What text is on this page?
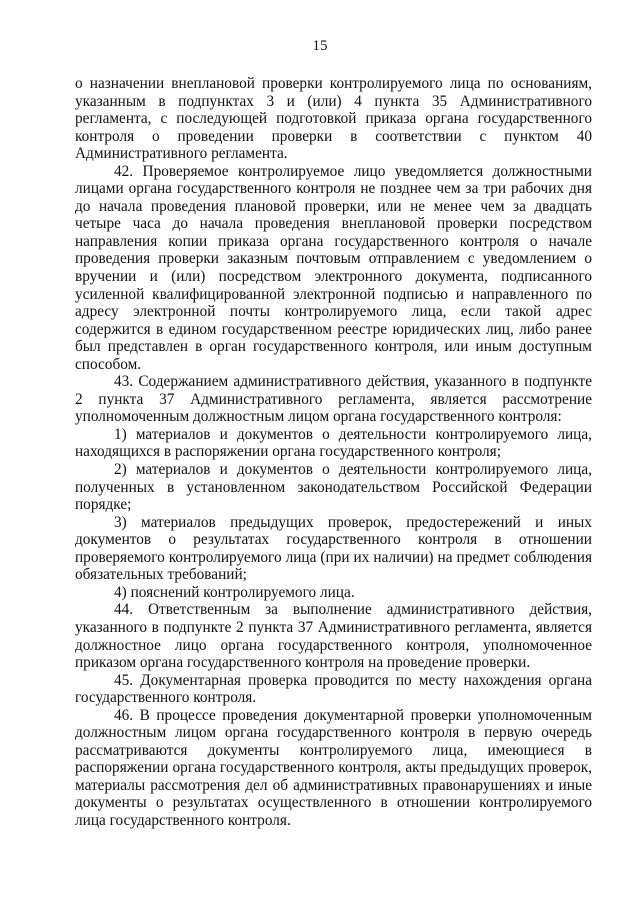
15

о назначении внеплановой проверки контролируемого лица по основаниям, указанным в подпунктах 3 и (или) 4 пункта 35 Административного регламента, с последующей подготовкой приказа органа государственного контроля о проведении проверки в соответствии с пунктом 40 Административного регламента.

42. Проверяемое контролируемое лицо уведомляется должностными лицами органа государственного контроля не позднее чем за три рабочих дня до начала проведения плановой проверки, или не менее чем за двадцать четыре часа до начала проведения внеплановой проверки посредством направления копии приказа органа государственного контроля о начале проведения проверки заказным почтовым отправлением с уведомлением о вручении и (или) посредством электронного документа, подписанного усиленной квалифицированной электронной подписью и направленного по адресу электронной почты контролируемого лица, если такой адрес содержится в едином государственном реестре юридических лиц, либо ранее был представлен в орган государственного контроля, или иным доступным способом.

43. Содержанием административного действия, указанного в подпункте 2 пункта 37 Административного регламента, является рассмотрение уполномоченным должностным лицом органа государственного контроля:

1) материалов и документов о деятельности контролируемого лица, находящихся в распоряжении органа государственного контроля;

2) материалов и документов о деятельности контролируемого лица, полученных в установленном законодательством Российской Федерации порядке;

3) материалов предыдущих проверок, предостережений и иных документов о результатах государственного контроля в отношении проверяемого контролируемого лица (при их наличии) на предмет соблюдения обязательных требований;

4) пояснений контролируемого лица.

44. Ответственным за выполнение административного действия, указанного в подпункте 2 пункта 37 Административного регламента, является должностное лицо органа государственного контроля, уполномоченное приказом органа государственного контроля на проведение проверки.

45. Документарная проверка проводится по месту нахождения органа государственного контроля.

46. В процессе проведения документарной проверки уполномоченным должностным лицом органа государственного контроля в первую очередь рассматриваются документы контролируемого лица, имеющиеся в распоряжении органа государственного контроля, акты предыдущих проверок, материалы рассмотрения дел об административных правонарушениях и иные документы о результатах осуществленного в отношении контролируемого лица государственного контроля.
